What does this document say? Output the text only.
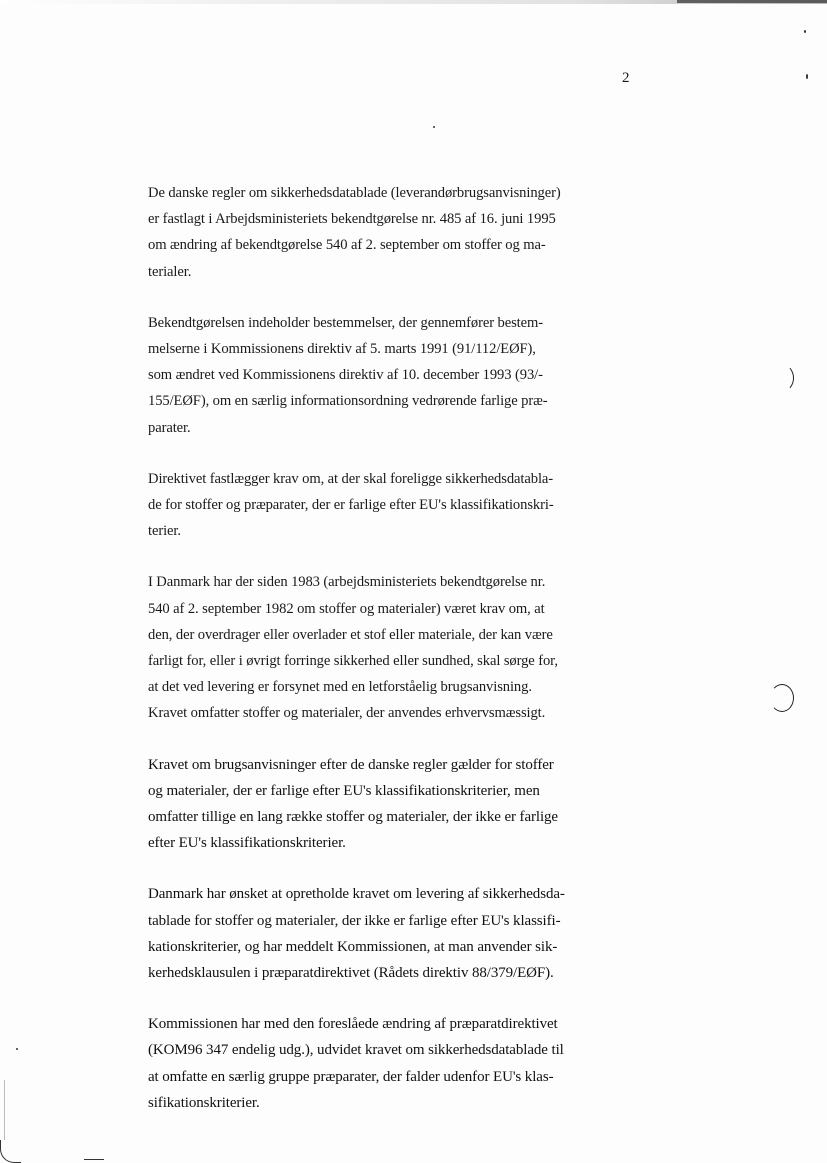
2
De danske regler om sikkerhedsdatablade (leverandørbrugsanvisninger)
er fastlagt i Arbejdsministeriets bekendtgørelse nr. 485 af 16. juni 1995
om ændring af bekendtgørelse 540 af 2. september om stoffer og ma-
terialer.
Bekendtgørelsen indeholder bestemmelser, der gennemfører bestem-
melserne i Kommissionens direktiv af 5. marts 1991 (91/112/EØF),
som ændret ved Kommissionens direktiv af 10. december 1993 (93/-
155/EØF), om en særlig informationsordning vedrørende farlige præ-
parater.
Direktivet fastlægger krav om, at der skal foreligge sikkerhedsdatabla-
de for stoffer og præparater, der er farlige efter EU's klassifikationskri-
terier.
I Danmark har der siden 1983 (arbejdsministeriets bekendtgørelse nr.
540 af 2. september 1982 om stoffer og materialer) været krav om, at
den, der overdrager eller overlader et stof eller materiale, der kan være
farligt for, eller i øvrigt forringe sikkerhed eller sundhed, skal sørge for,
at det ved levering er forsynet med en letforståelig brugsanvisning.
Kravet omfatter stoffer og materialer, der anvendes erhvervsmæssigt.
Kravet om brugsanvisninger efter de danske regler gælder for stoffer
og materialer, der er farlige efter EU's klassifikationskriterier, men
omfatter tillige en lang række stoffer og materialer, der ikke er farlige
efter EU's klassifikationskriterier.
Danmark har ønsket at opretholde kravet om levering af sikkerhedsda-
tablade for stoffer og materialer, der ikke er farlige efter EU's klassifi-
kationskriterier, og har meddelt Kommissionen, at man anvender sik-
kerhedsklausulen i præparatdirektivet (Rådets direktiv 88/379/EØF).
Kommissionen har med den foreslåede ændring af præparatdirektivet
(KOM96 347 endelig udg.), udvidet kravet om sikkerhedsdatablade til
at omfatte en særlig gruppe præparater, der falder udenfor EU's klas-
sifikationskriterier.
